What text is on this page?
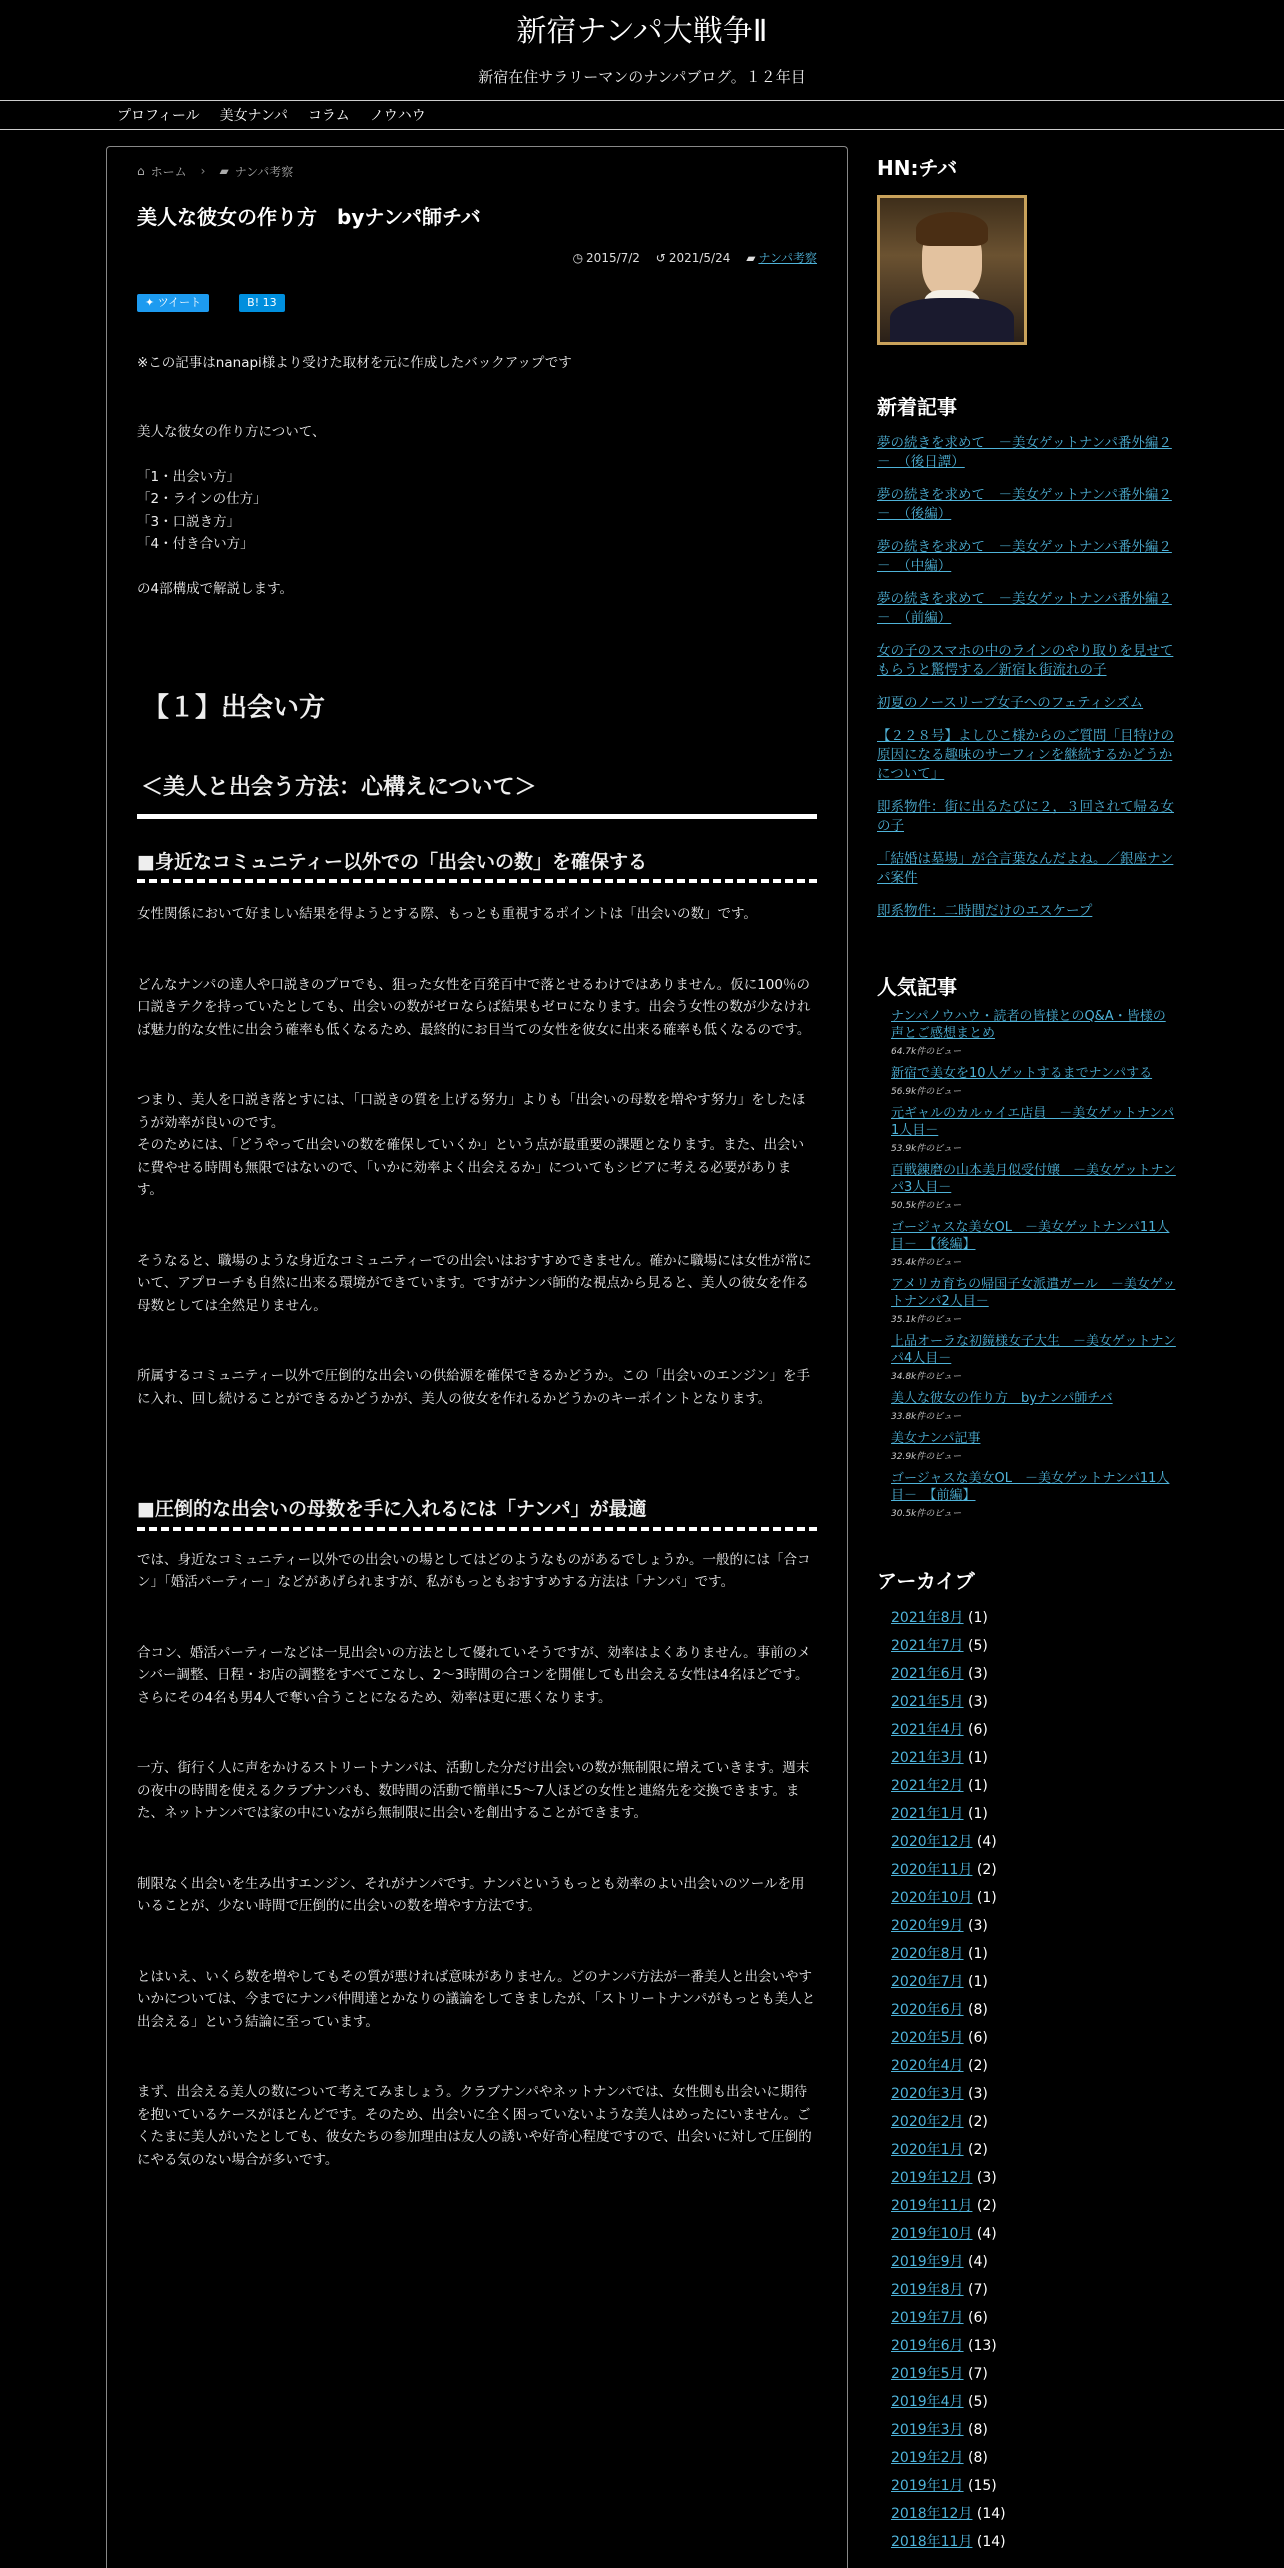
新宿ナンパ大戦争Ⅱ
新宿在住サラリーマンのナンパブログ。１２年目
プロフィール 美女ナンパ コラム ノウハウ
⌂ ホーム › ▰ ナンパ考察
美人な彼女の作り方　byナンパ師チバ
◷ 2015/7/2 ↺ 2021/5/24 ▰ ナンパ考察
✦ ツイート	B! 13

※この記事はnanapi様より受けた取材を元に作成したバックアップです

美人な彼女の作り方について、

「1・出会い方」
「2・ラインの仕方」
「3・口説き方」
「4・付き合い方」

の4部構成で解説します。
【１】出会い方
＜美人と出会う方法：心構えについて＞
■身近なコミュニティー以外での「出会いの数」を確保する

女性関係において好ましい結果を得ようとする際、もっとも重視するポイントは「出会いの数」です。

どんなナンパの達人や口説きのプロでも、狙った女性を百発百中で落とせるわけではありません。仮に100％の口説きテクを持っていたとしても、出会いの数がゼロならば結果もゼロになります。出会う女性の数が少なければ魅力的な女性に出会う確率も低くなるため、最終的にお目当ての女性を彼女に出来る確率も低くなるのです。

つまり、美人を口説き落とすには、「口説きの質を上げる努力」よりも「出会いの母数を増やす努力」をしたほうが効率が良いのです。
そのためには、「どうやって出会いの数を確保していくか」という点が最重要の課題となります。また、出会いに費やせる時間も無限ではないので、「いかに効率よく出会えるか」についてもシビアに考える必要があります。

そうなると、職場のような身近なコミュニティーでの出会いはおすすめできません。確かに職場には女性が常にいて、アプローチも自然に出来る環境ができています。ですがナンパ師的な視点から見ると、美人の彼女を作る母数としては全然足りません。

所属するコミュニティー以外で圧倒的な出会いの供給源を確保できるかどうか。この「出会いのエンジン」を手に入れ、回し続けることができるかどうかが、美人の彼女を作れるかどうかのキーポイントとなります。

■圧倒的な出会いの母数を手に入れるには「ナンパ」が最適

では、身近なコミュニティー以外での出会いの場としてはどのようなものがあるでしょうか。一般的には「合コン」「婚活パーティー」などがあげられますが、私がもっともおすすめする方法は「ナンパ」です。

合コン、婚活パーティーなどは一見出会いの方法として優れていそうですが、効率はよくありません。事前のメンバー調整、日程・お店の調整をすべてこなし、2～3時間の合コンを開催しても出会える女性は4名ほどです。さらにその4名も男4人で奪い合うことになるため、効率は更に悪くなります。

一方、街行く人に声をかけるストリートナンパは、活動した分だけ出会いの数が無制限に増えていきます。週末の夜中の時間を使えるクラブナンパも、数時間の活動で簡単に5～7人ほどの女性と連絡先を交換できます。また、ネットナンパでは家の中にいながら無制限に出会いを創出することができます。

制限なく出会いを生み出すエンジン、それがナンパです。ナンパというもっとも効率のよい出会いのツールを用いることが、少ない時間で圧倒的に出会いの数を増やす方法です。

とはいえ、いくら数を増やしてもその質が悪ければ意味がありません。どのナンパ方法が一番美人と出会いやすいかについては、今までにナンパ仲間達とかなりの議論をしてきましたが、「ストリートナンパがもっとも美人と出会える」という結論に至っています。

まず、出会える美人の数について考えてみましょう。クラブナンパやネットナンパでは、女性側も出会いに期待を抱いているケースがほとんどです。そのため、出会いに全く困っていないような美人はめったにいません。ごくたまに美人がいたとしても、彼女たちの参加理由は友人の誘いや好奇心程度ですので、出会いに対して圧倒的にやる気のない場合が多いです。

HN:チバ
新着記事
夢の続きを求めて　－美女ゲットナンパ番外編２－　（後日譚）
夢の続きを求めて　－美女ゲットナンパ番外編２－　（後編）
夢の続きを求めて　－美女ゲットナンパ番外編２－　（中編）
夢の続きを求めて　－美女ゲットナンパ番外編２－　（前編）
女の子のスマホの中のラインのやり取りを見せてもらうと驚愕する／新宿ｋ街流れの子
初夏のノースリーブ女子へのフェティシズム
【２２８号】よしひこ様からのご質問「目特けの原因になる趣味のサーフィンを継続するかどうかについて」
即系物件：街に出るたびに２，３回されて帰る女の子
「結婚は墓場」が合言葉なんだよね。／銀座ナンパ案件
即系物件：二時間だけのエスケープ
人気記事
ナンパノウハウ・読者の皆様とのQ&A・皆様の声とご感想まとめ
64.7k件のビュー
新宿で美女を10人ゲットするまでナンパする
56.9k件のビュー
元ギャルのカルゥイエ店員　－美女ゲットナンパ1人目－
53.9k件のビュー
百戦錬磨の山本美月似受付嬢　－美女ゲットナンパ3人目－
50.5k件のビュー
ゴージャスな美女OL　－美女ゲットナンパ11人目－　【後編】
35.4k件のビュー
アメリカ育ちの帰国子女派遣ガール　－美女ゲットナンパ2人目－
35.1k件のビュー
上品オーラな初鏡様女子大生　－美女ゲットナンパ4人目－
34.8k件のビュー
美人な彼女の作り方　byナンパ師チバ
33.8k件のビュー
美女ナンパ記事
32.9k件のビュー
ゴージャスな美女OL　－美女ゲットナンパ11人目－　【前編】
30.5k件のビュー
アーカイブ
2021年8月 (1)
2021年7月 (5)
2021年6月 (3)
2021年5月 (3)
2021年4月 (6)
2021年3月 (1)
2021年2月 (1)
2021年1月 (1)
2020年12月 (4)
2020年11月 (2)
2020年10月 (1)
2020年9月 (3)
2020年8月 (1)
2020年7月 (1)
2020年6月 (8)
2020年5月 (6)
2020年4月 (2)
2020年3月 (3)
2020年2月 (2)
2020年1月 (2)
2019年12月 (3)
2019年11月 (2)
2019年10月 (4)
2019年9月 (4)
2019年8月 (7)
2019年7月 (6)
2019年6月 (13)
2019年5月 (7)
2019年4月 (5)
2019年3月 (8)
2019年2月 (8)
2019年1月 (15)
2018年12月 (14)
2018年11月 (14)
